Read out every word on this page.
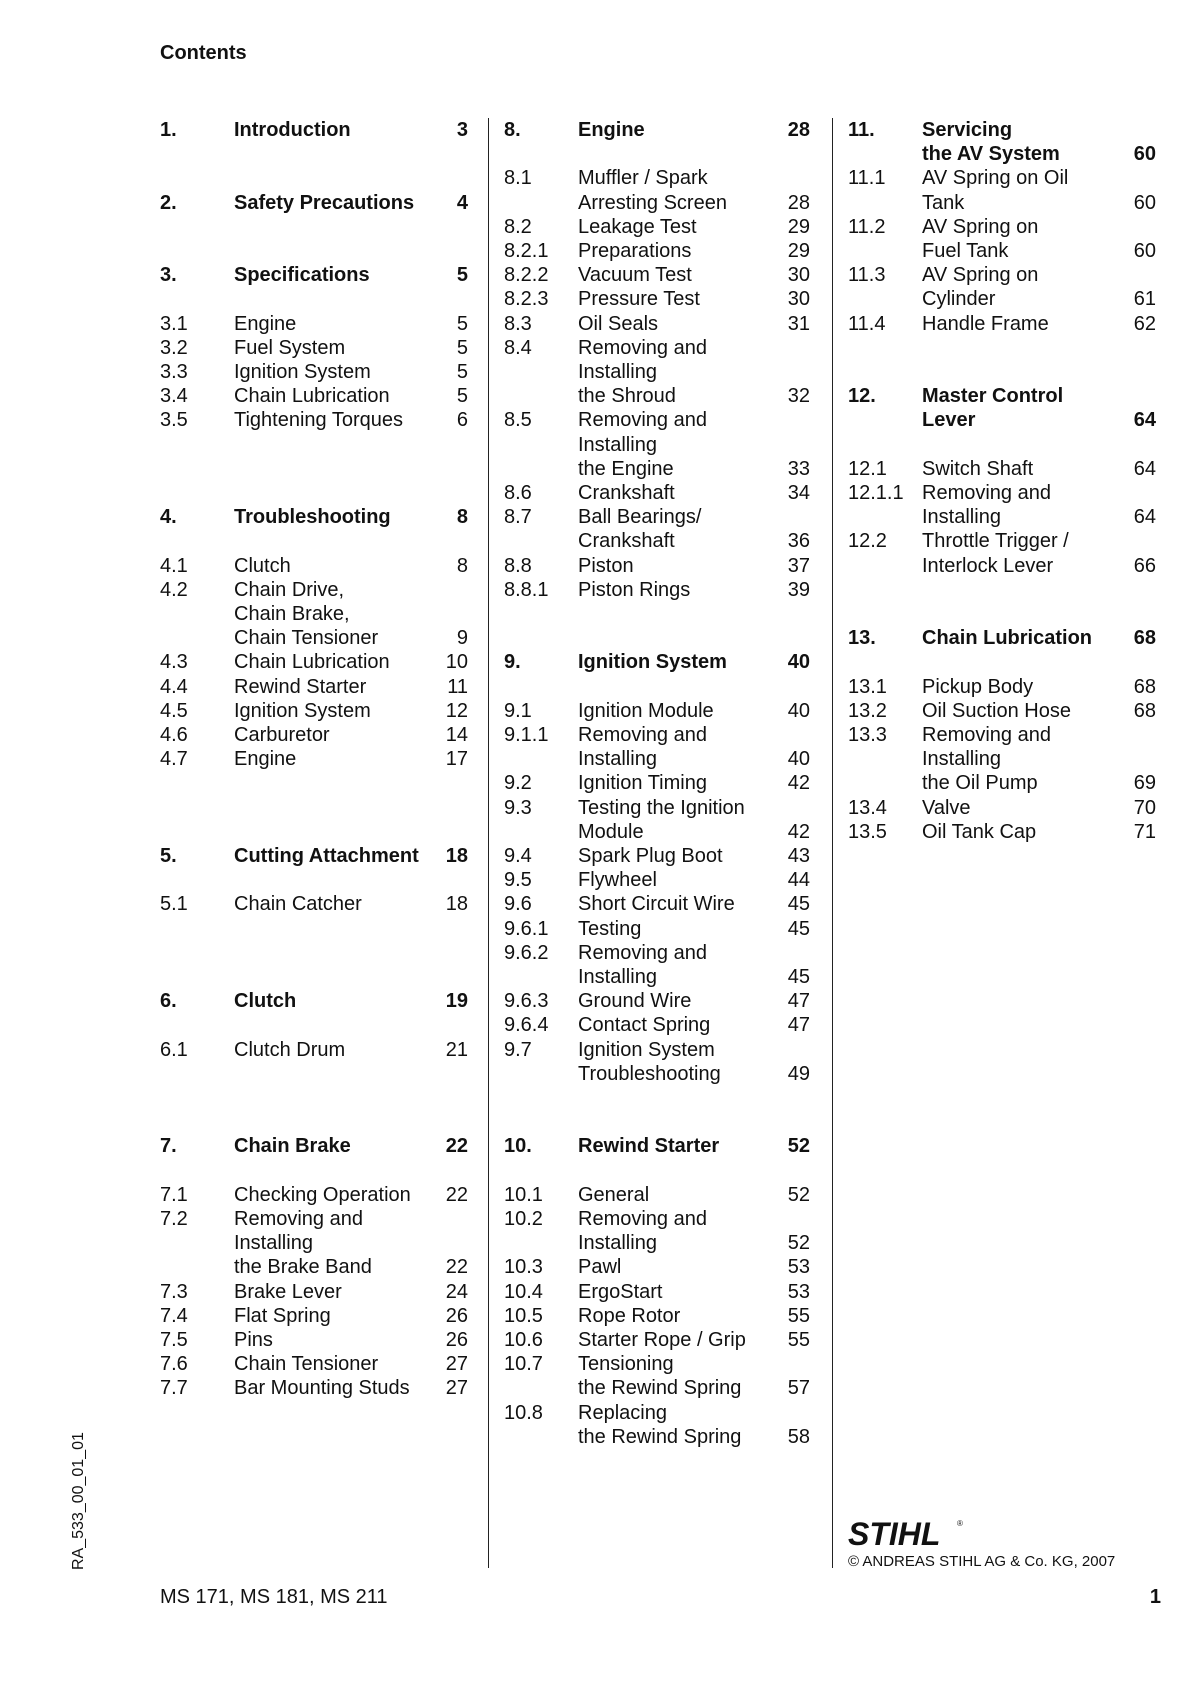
Contents
1.	Introduction	3
2.	Safety Precautions	4
3.	Specifications	5
3.1	Engine	5
3.2	Fuel System	5
3.3	Ignition System	5
3.4	Chain Lubrication	5
3.5	Tightening Torques	6
4.	Troubleshooting	8
4.1	Clutch	8
4.2	Chain Drive,
Chain Brake,
Chain Tensioner	9
4.3	Chain Lubrication	10
4.4	Rewind Starter	11
4.5	Ignition System	12
4.6	Carburetor	14
4.7	Engine	17
5.	Cutting Attachment	18
5.1	Chain Catcher	18
6.	Clutch	19
6.1	Clutch Drum	21
7.	Chain Brake	22
7.1	Checking Operation	22
7.2	Removing and
Installing
the Brake Band	22
7.3	Brake Lever	24
7.4	Flat Spring	26
7.5	Pins	26
7.6	Chain Tensioner	27
7.7	Bar Mounting Studs	27
8.	Engine	28
8.1	Muffler / Spark
Arresting Screen	28
8.2	Leakage Test	29
8.2.1	Preparations	29
8.2.2	Vacuum Test	30
8.2.3	Pressure Test	30
8.3	Oil Seals	31
8.4	Removing and Installing
the Shroud	32
8.5	Removing and Installing
the Engine	33
8.6	Crankshaft	34
8.7	Ball Bearings/
Crankshaft	36
8.8	Piston	37
8.8.1	Piston Rings	39
9.	Ignition System	40
9.1	Ignition Module	40
9.1.1	Removing and
Installing	40
9.2	Ignition Timing	42
9.3	Testing the Ignition
Module	42
9.4	Spark Plug Boot	43
9.5	Flywheel	44
9.6	Short Circuit Wire	45
9.6.1	Testing	45
9.6.2	Removing and
Installing	45
9.6.3	Ground Wire	47
9.6.4	Contact Spring	47
9.7	Ignition System
Troubleshooting	49
10.	Rewind Starter	52
10.1	General	52
10.2	Removing and
Installing	52
10.3	Pawl	53
10.4	ErgoStart	53
10.5	Rope Rotor	55
10.6	Starter Rope / Grip	55
10.7	Tensioning
the Rewind Spring	57
10.8	Replacing
the Rewind Spring	58
11.	Servicing
the AV System	60
11.1	AV Spring on Oil Tank	60
11.2	AV Spring on
Fuel Tank	60
11.3	AV Spring on
Cylinder	61
11.4	Handle Frame	62
12.	Master Control Lever	64
12.1	Switch Shaft	64
12.1.1 Removing and
Installing	64
12.2	Throttle Trigger /
Interlock Lever	66
13.	Chain Lubrication	68
13.1	Pickup Body	68
13.2	Oil Suction Hose	68
13.3	Removing and Installing
the Oil Pump	69
13.4	Valve	70
13.5	Oil Tank Cap	71
RA_533_00_01_01	STIHL ®
© ANDREAS STIHL AG & Co. KG, 2007
MS 171, MS 181, MS 211	1
